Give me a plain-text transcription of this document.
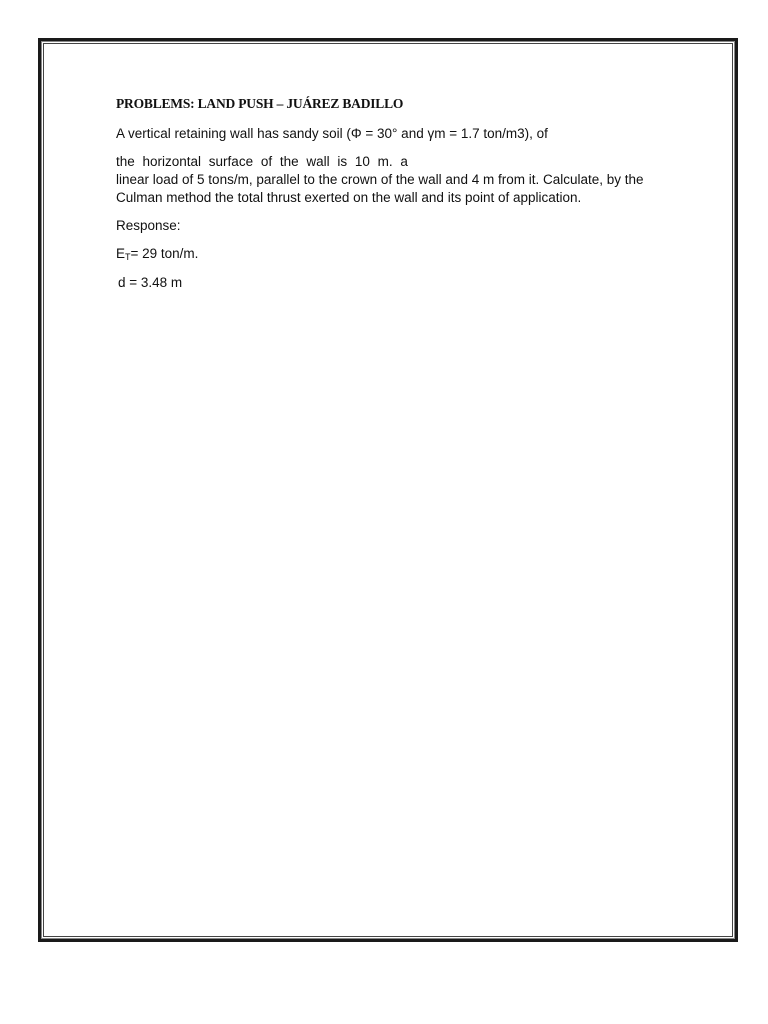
PROBLEMS: LAND PUSH – JUÁREZ BADILLO

A vertical retaining wall has sandy soil (Φ = 30° and γm = 1.7 ton/m3), of

the horizontal surface of the wall is 10 m. a
linear load of 5 tons/m, parallel to the crown of the wall and 4 m from it. Calculate, by the
Culman method the total thrust exerted on the wall and its point of application.

Response:

$E_T= 29$ ton/m.

d = 3.48 m
